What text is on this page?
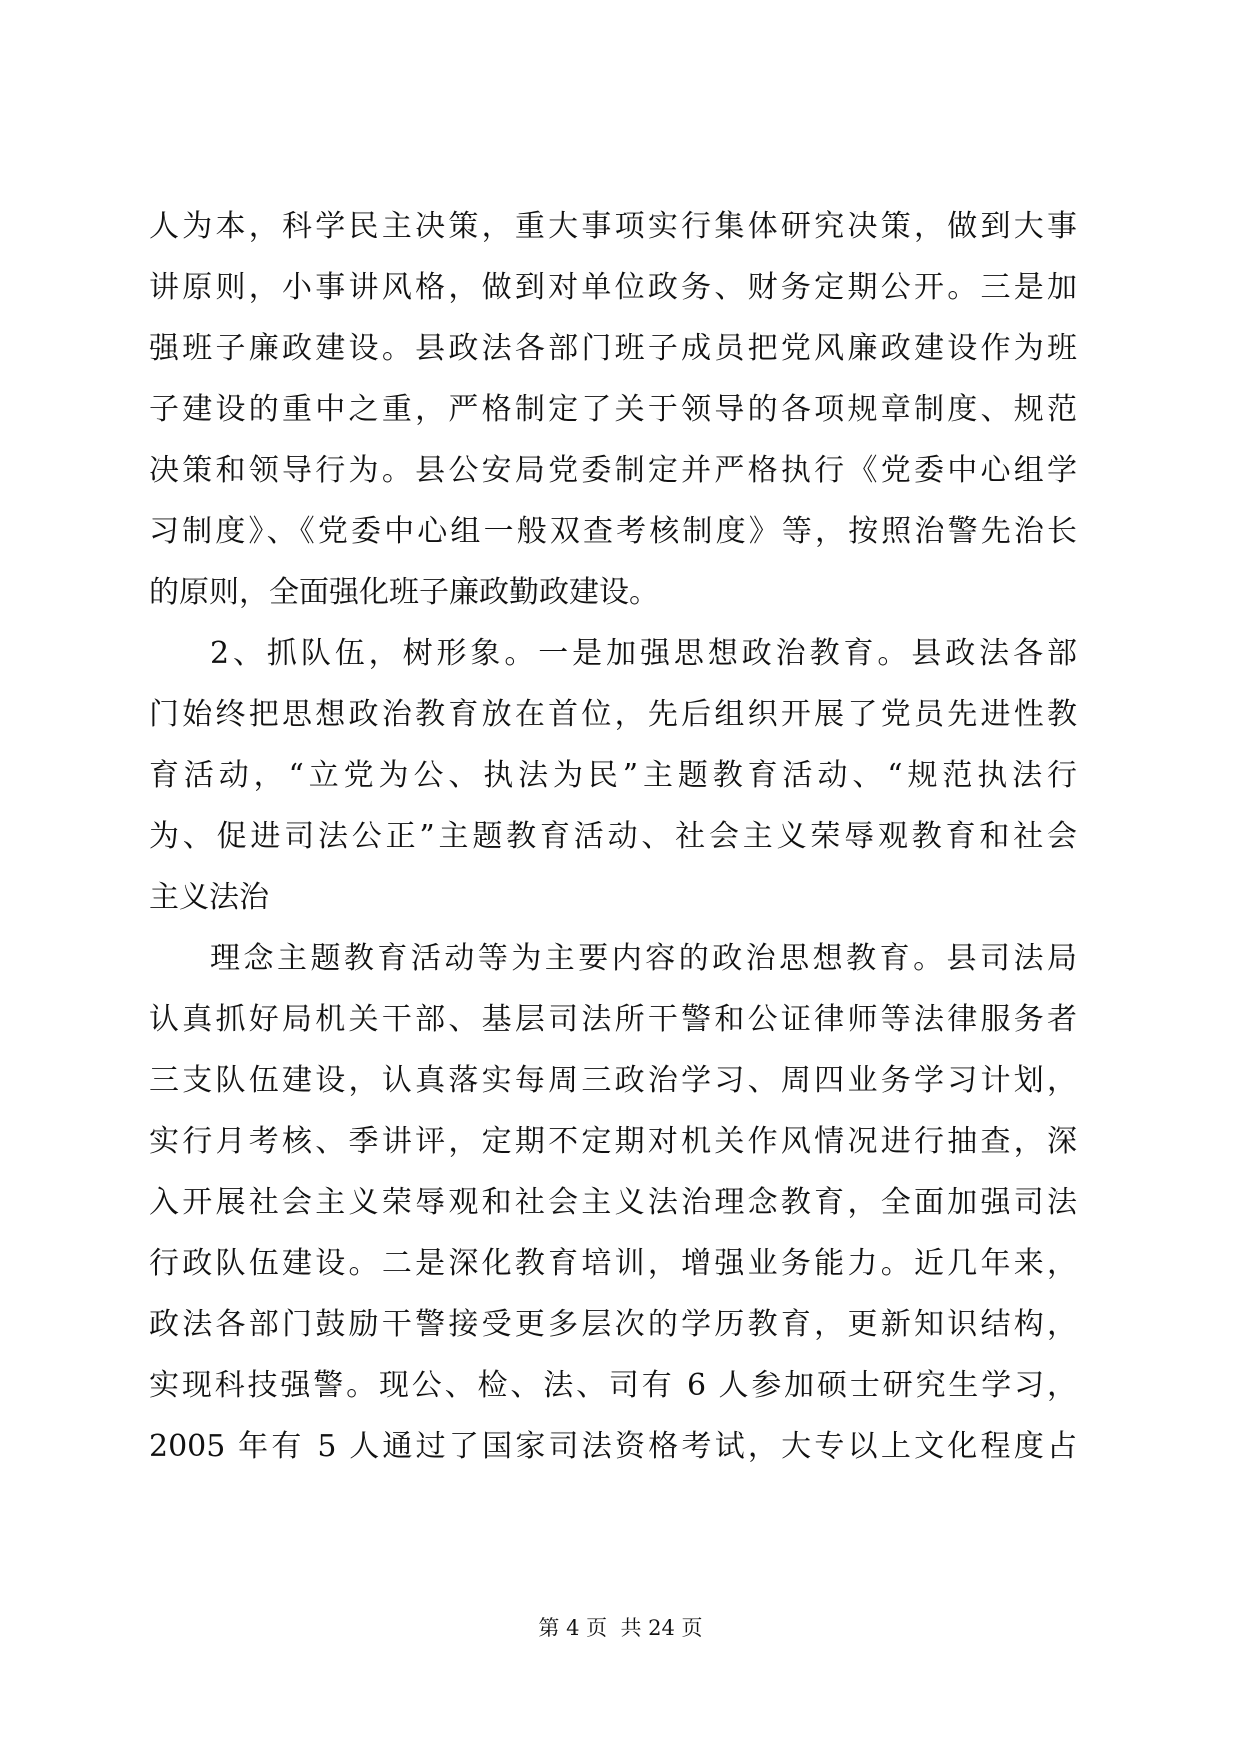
人为本，科学民主决策，重大事项实行集体研究决策，做到大事
讲原则，小事讲风格，做到对单位政务、财务定期公开。三是加
强班子廉政建设。县政法各部门班子成员把党风廉政建设作为班
子建设的重中之重，严格制定了关于领导的各项规章制度、规范
决策和领导行为。县公安局党委制定并严格执行《党委中心组学
习制度》、《党委中心组一般双查考核制度》等，按照治警先治长
的原则，全面强化班子廉政勤政建设。
2、抓队伍，树形象。一是加强思想政治教育。县政法各部
门始终把思想政治教育放在首位，先后组织开展了党员先进性教
育活动，“立党为公、执法为民”主题教育活动、“规范执法行
为、促进司法公正”主题教育活动、社会主义荣辱观教育和社会
主义法治
理念主题教育活动等为主要内容的政治思想教育。县司法局
认真抓好局机关干部、基层司法所干警和公证律师等法律服务者
三支队伍建设，认真落实每周三政治学习、周四业务学习计划，
实行月考核、季讲评，定期不定期对机关作风情况进行抽查，深
入开展社会主义荣辱观和社会主义法治理念教育，全面加强司法
行政队伍建设。二是深化教育培训，增强业务能力。近几年来，
政法各部门鼓励干警接受更多层次的学历教育，更新知识结构，
实现科技强警。现公、检、法、司有 6 人参加硕士研究生学习，
2005 年有 5 人通过了国家司法资格考试，大专以上文化程度占
第 4 页  共 24 页
